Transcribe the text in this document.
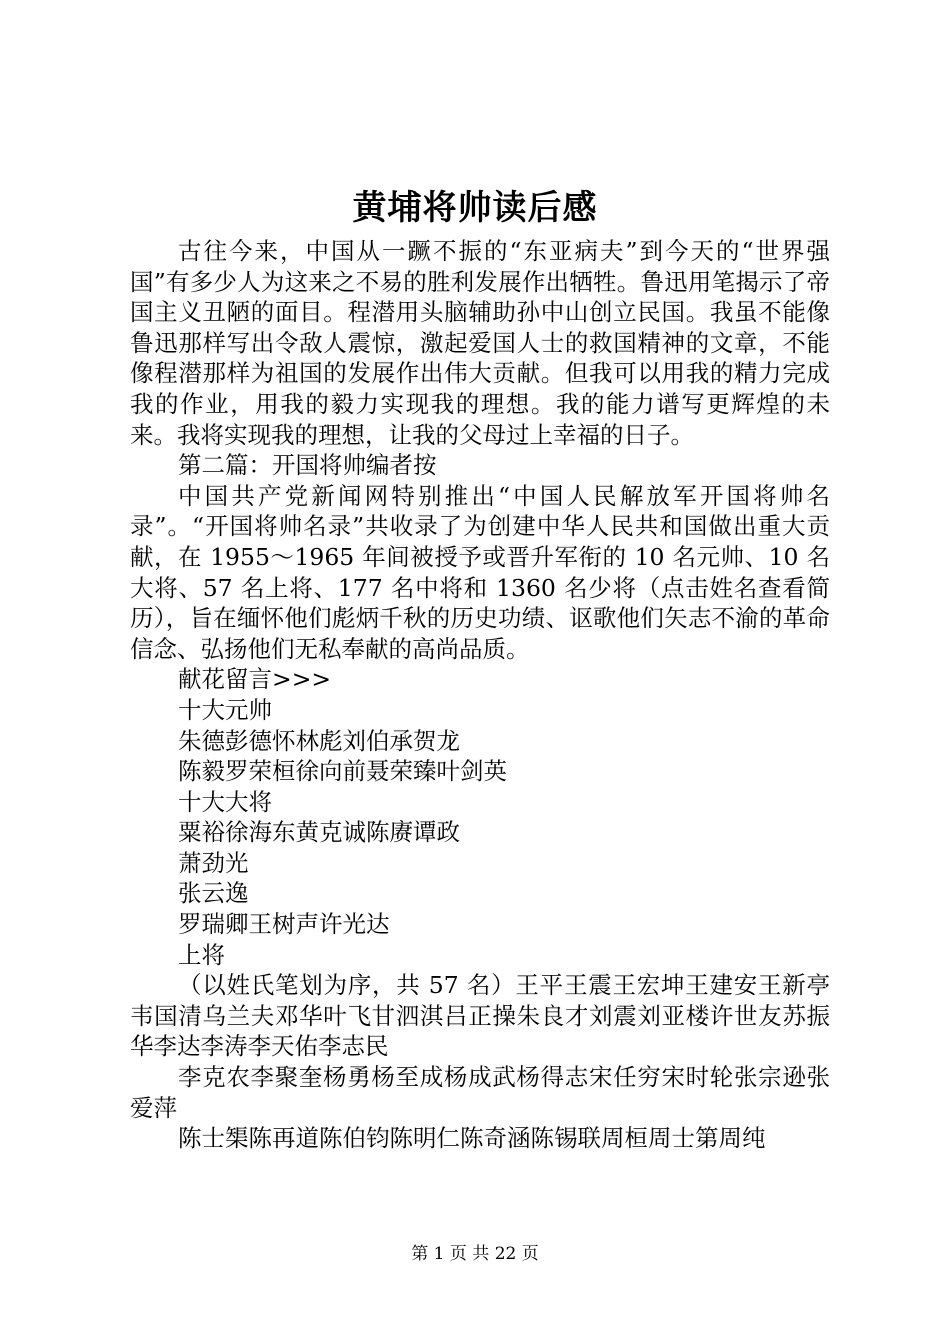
黄埔将帅读后感

古往今来，中国从一蹶不振的“东亚病夫”到今天的“世界强国”有多少人为这来之不易的胜利发展作出牺牲。鲁迅用笔揭示了帝国主义丑陋的面目。程潜用头脑辅助孙中山创立民国。我虽不能像鲁迅那样写出令敌人震惊，激起爱国人士的救国精神的文章，不能像程潜那样为祖国的发展作出伟大贡献。但我可以用我的精力完成我的作业，用我的毅力实现我的理想。我的能力谱写更辉煌的未来。我将实现我的理想，让我的父母过上幸福的日子。

第二篇：开国将帅编者按

中国共产党新闻网特别推出“中国人民解放军开国将帅名录”。“开国将帅名录”共收录了为创建中华人民共和国做出重大贡献，在 1955～1965 年间被授予或晋升军衔的 10 名元帅、10 名大将、57 名上将、177 名中将和 1360 名少将（点击姓名查看简历），旨在缅怀他们彪炳千秋的历史功绩、讴歌他们矢志不渝的革命信念、弘扬他们无私奉献的高尚品质。

献花留言>>>

十大元帅

朱德彭德怀林彪刘伯承贺龙

陈毅罗荣桓徐向前聂荣臻叶剑英

十大大将

粟裕徐海东黄克诚陈赓谭政

萧劲光

张云逸

罗瑞卿王树声许光达

上将

（以姓氏笔划为序，共 57 名）王平王震王宏坤王建安王新亭韦国清乌兰夫邓华叶飞甘泗淇吕正操朱良才刘震刘亚楼许世友苏振华李达李涛李天佑李志民

李克农李聚奎杨勇杨至成杨成武杨得志宋任穷宋时轮张宗逊张爱萍

陈士榘陈再道陈伯钧陈明仁陈奇涵陈锡联周桓周士第周纯

第 1 页 共 22 页
